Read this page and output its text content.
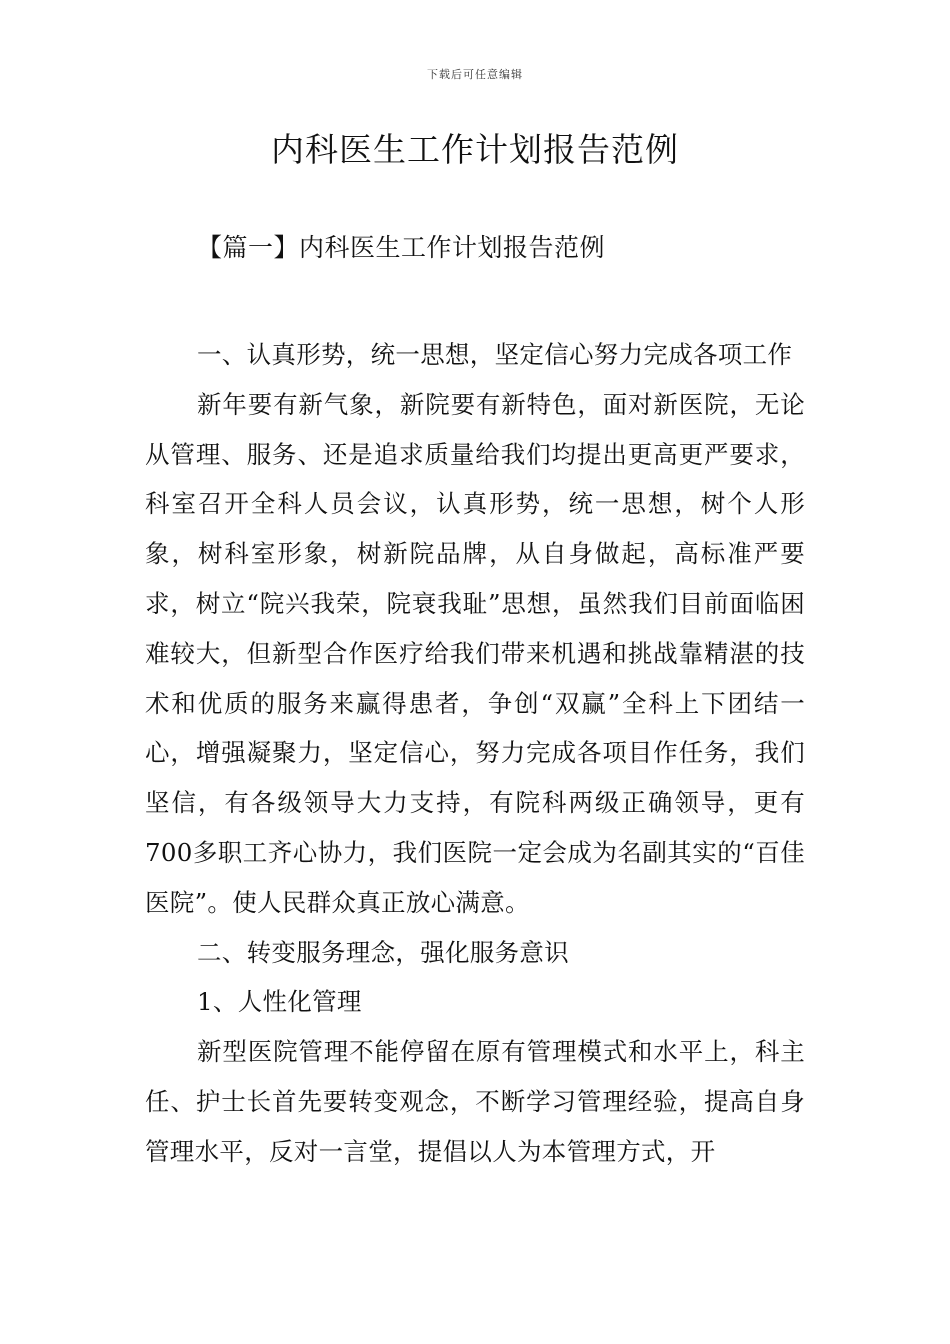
下载后可任意编辑
内科医生工作计划报告范例

【篇一】内科医生工作计划报告范例

一、认真形势，统一思想，坚定信心努力完成各项工作

新年要有新气象，新院要有新特色，面对新医院，无论从管理、服务、还是追求质量给我们均提出更高更严要求，科室召开全科人员会议，认真形势，统一思想，树个人形象，树科室形象，树新院品牌，从自身做起，高标准严要求，树立“院兴我荣，院衰我耻”思想，虽然我们目前面临困难较大，但新型合作医疗给我们带来机遇和挑战靠精湛的技术和优质的服务来赢得患者，争创“双赢”全科上下团结一心，增强凝聚力，坚定信心，努力完成各项目作任务，我们坚信，有各级领导大力支持，有院科两级正确领导，更有700多职工齐心协力，我们医院一定会成为名副其实的“百佳医院”。使人民群众真正放心满意。

二、转变服务理念，强化服务意识

1、人性化管理

新型医院管理不能停留在原有管理模式和水平上，科主任、护士长首先要转变观念，不断学习管理经验，提高自身管理水平，反对一言堂，提倡以人为本管理方式，开
